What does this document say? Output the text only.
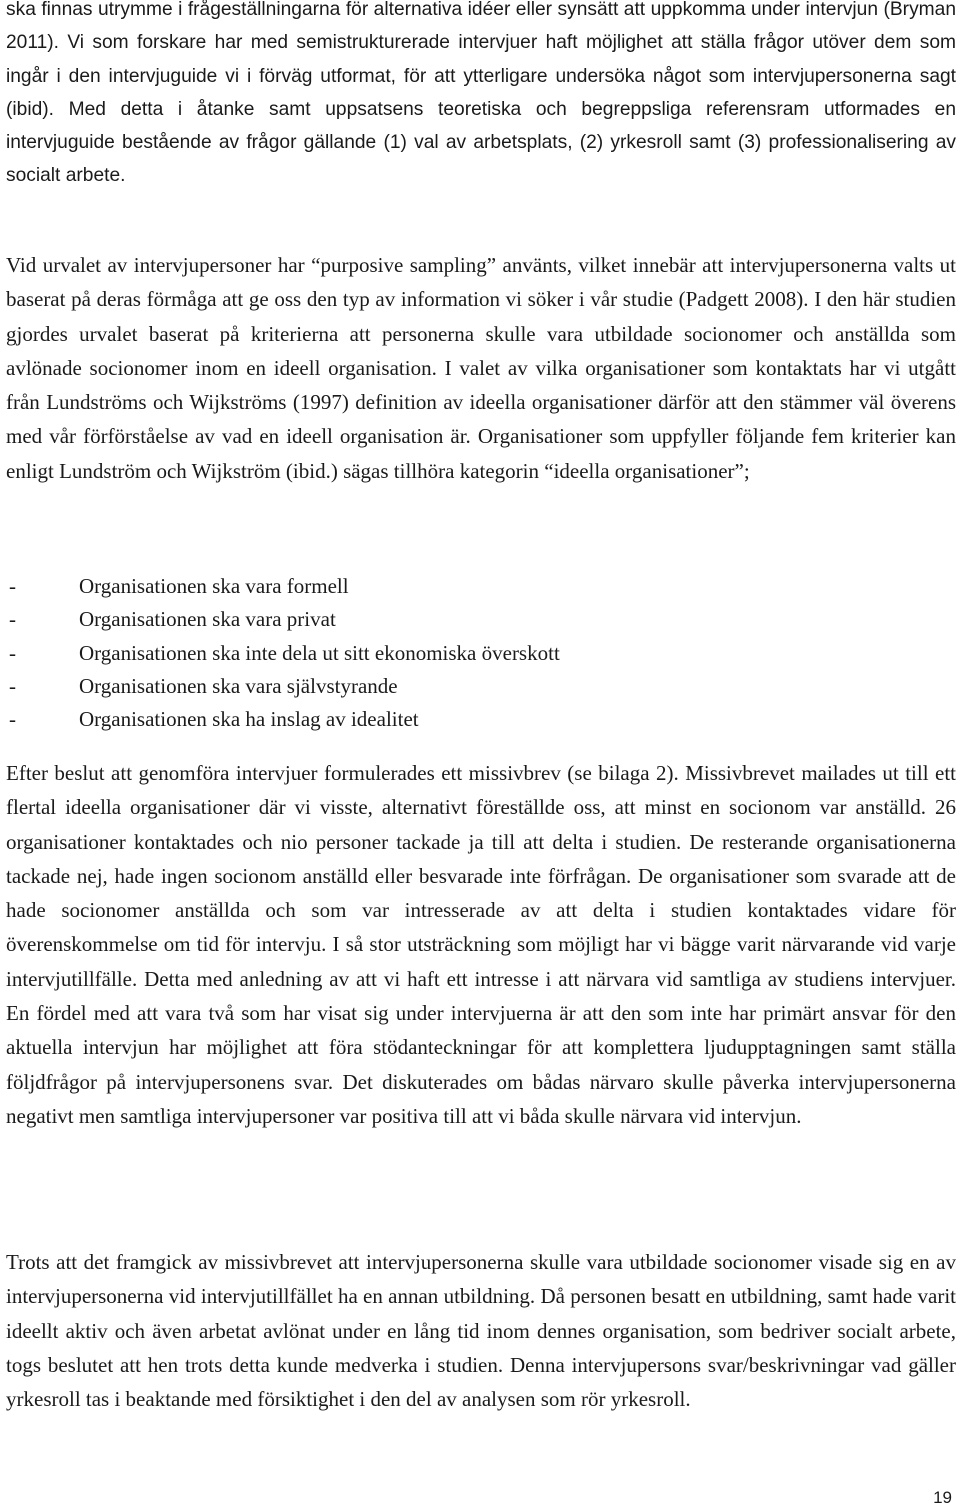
ska finnas utrymme i frågeställningarna för alternativa idéer eller synsätt att uppkomma under intervjun (Bryman 2011). Vi som forskare har med semistrukturerade intervjuer haft möjlighet att ställa frågor utöver dem som ingår i den intervjuguide vi i förväg utformat, för att ytterligare undersöka något som intervjupersonerna sagt (ibid). Med detta i åtanke samt uppsatsens teoretiska och begreppsliga referensram utformades en intervjuguide bestående av frågor gällande (1) val av arbetsplats, (2) yrkesroll samt (3) professionalisering av socialt arbete.

Vid urvalet av intervjupersoner har “purposive sampling” använts, vilket innebär att intervjupersonerna valts ut baserat på deras förmåga att ge oss den typ av information vi söker i vår studie (Padgett 2008). I den här studien gjordes urvalet baserat på kriterierna att personerna skulle vara utbildade socionomer och anställda som avlönade socionomer inom en ideell organisation. I valet av vilka organisationer som kontaktats har vi utgått från Lundströms och Wijkströms (1997) definition av ideella organisationer därför att den stämmer väl överens med vår förförståelse av vad en ideell organisation är. Organisationer som uppfyller följande fem kriterier kan enligt Lundström och Wijkström (ibid.) sägas tillhöra kategorin “ideella organisationer”;

-	Organisationen ska vara formell
-	Organisationen ska vara privat
-	Organisationen ska inte dela ut sitt ekonomiska överskott
-	Organisationen ska vara självstyrande
-	Organisationen ska ha inslag av idealitet

Efter beslut att genomföra intervjuer formulerades ett missivbrev (se bilaga 2). Missivbrevet mailades ut till ett flertal ideella organisationer där vi visste, alternativt föreställde oss, att minst en socionom var anställd. 26 organisationer kontaktades och nio personer tackade ja till att delta i studien. De resterande organisationerna tackade nej, hade ingen socionom anställd eller besvarade inte förfrågan. De organisationer som svarade att de hade socionomer anställda och som var intresserade av att delta i studien kontaktades vidare för överenskommelse om tid för intervju. I så stor utsträckning som möjligt har vi bägge varit närvarande vid varje intervjutillfälle. Detta med anledning av att vi haft ett intresse i att närvara vid samtliga av studiens intervjuer. En fördel med att vara två som har visat sig under intervjuerna är att den som inte har primärt ansvar för den aktuella intervjun har möjlighet att föra stödanteckningar för att komplettera ljudupptagningen samt ställa följdfrågor på intervjupersonens svar. Det diskuterades om bådas närvaro skulle påverka intervjupersonerna negativt men samtliga intervjupersoner var positiva till att vi båda skulle närvara vid intervjun.

Trots att det framgick av missivbrevet att intervjupersonerna skulle vara utbildade socionomer visade sig en av intervjupersonerna vid intervjutillfället ha en annan utbildning. Då personen besatt en utbildning, samt hade varit ideellt aktiv och även arbetat avlönat under en lång tid inom dennes organisation, som bedriver socialt arbete, togs beslutet att hen trots detta kunde medverka i studien. Denna intervjupersons svar/beskrivningar vad gäller yrkesroll tas i beaktande med försiktighet i den del av analysen som rör yrkesroll.

19
